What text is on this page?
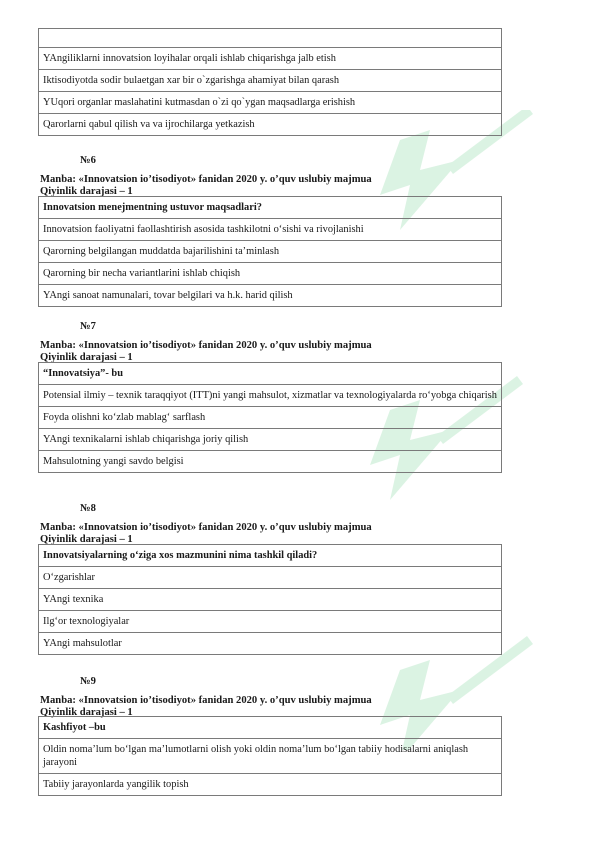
YAngiliklarni innovatsion loyihalar orqali ishlab chiqarishga jalb etish
Iktisodiyotda sodir bulaetgan xar bir o`zgarishga ahamiyat bilan qarash
YUqori organlar maslahatini kutmasdan o`zi qo`ygan maqsadlarga erishish
Qarorlarni qabul qilish va va ijrochilarga yetkazish
№6
Manba: «Innovatsion io’tisodiyot» fanidan 2020 y. o’quv uslubiy majmua
Qiyinlik darajasi – 1
Innovatsion menejmentning ustuvor maqsadlari?
Innovatsion faoliyatni faollashtirish asosida tashkilotni o‘sishi va rivojlanishi
Qarorning belgilangan muddatda bajarilishini ta’minlash
Qarorning bir necha variantlarini ishlab chiqish
YAngi sanoat namunalari, tovar belgilari va h.k. harid qilish
№7
Manba: «Innovatsion io’tisodiyot» fanidan 2020 y. o’quv uslubiy majmua
Qiyinlik darajasi – 1
“Innovatsiya”- bu
Potensial ilmiy – texnik taraqqiyot (ITT)ni yangi mahsulot, xizmatlar va texnologiyalarda ro‘yobga chiqarish
Foyda olishni ko‘zlab mablag‘ sarflash
YAngi texnikalarni ishlab chiqarishga joriy qilish
Mahsulotning yangi savdo belgisi
№8
Manba: «Innovatsion io’tisodiyot» fanidan 2020 y. o’quv uslubiy majmua
Qiyinlik darajasi – 1
Innovatsiyalarning o‘ziga xos mazmunini nima tashkil qiladi?
O‘zgarishlar
YAngi texnika
Ilg‘or texnologiyalar
YAngi mahsulotlar
№9
Manba: «Innovatsion io’tisodiyot» fanidan 2020 y. o’quv uslubiy majmua
Qiyinlik darajasi – 1
Kashfiyot –bu
Oldin noma’lum bo‘lgan ma’lumotlarni olish yoki oldin noma’lum bo‘lgan tabiiy hodisalarni aniqlash jarayoni
Tabiiy jarayonlarda yangilik topish
